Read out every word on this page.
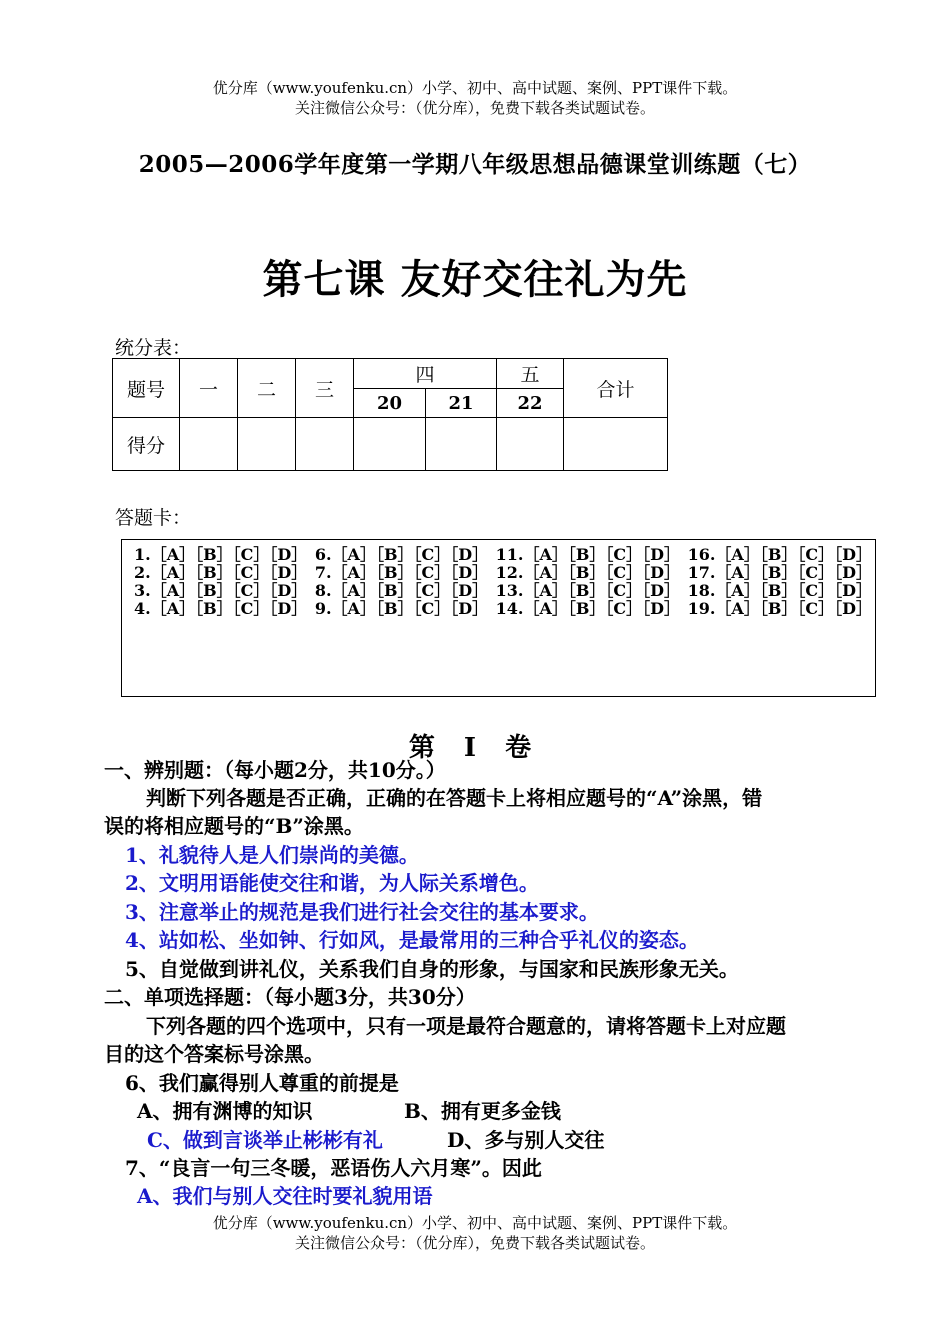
优分库（www.youfenku.cn）小学、初中、高中试题、案例、PPT课件下载。
关注微信公众号：（优分库），免费下载各类试题试卷。
2005—2006学年度第一学期八年级思想品德课堂训练题（七）
第七课 友好交往礼为先
统分表：
题号	一	二	三	四		五	合计
				20	21	22	
得分							
答题卡：
1.［A］［B］［C］［D］ 6.［A］［B］［C］［D］ 11.［A］［B］［C］［D］ 16.［A］［B］［C］［D］
2.［A］［B］［C］［D］ 7.［A］［B］［C］［D］ 12.［A］［B］［C］［D］ 17.［A］［B］［C］［D］
3.［A］［B］［C］［D］ 8.［A］［B］［C］［D］ 13.［A］［B］［C］［D］ 18.［A］［B］［C］［D］
4.［A］［B］［C］［D］ 9.［A］［B］［C］［D］ 14.［A］［B］［C］［D］ 19.［A］［B］［C］［D］
第 Ⅰ 卷
一、辨别题：（每小题2分，共10分。）
判断下列各题是否正确，正确的在答题卡上将相应题号的“A”涂黑，错
误的将相应题号的“B”涂黑。
1、礼貌待人是人们崇尚的美德。
2、文明用语能使交往和谐，为人际关系增色。
3、注意举止的规范是我们进行社会交往的基本要求。
4、站如松、坐如钟、行如风，是最常用的三种合乎礼仪的姿态。
5、自觉做到讲礼仪，关系我们自身的形象，与国家和民族形象无关。
二、单项选择题：（每小题3分，共30分）
下列各题的四个选项中，只有一项是最符合题意的，请将答题卡上对应题
目的这个答案标号涂黑。
6、我们赢得别人尊重的前提是
A、拥有渊博的知识	B、拥有更多金钱
C、做到言谈举止彬彬有礼	D、多与别人交往
7、“良言一句三冬暖，恶语伤人六月寒”。因此
A、我们与别人交往时要礼貌用语
优分库（www.youfenku.cn）小学、初中、高中试题、案例、PPT课件下载。
关注微信公众号：（优分库），免费下载各类试题试卷。
